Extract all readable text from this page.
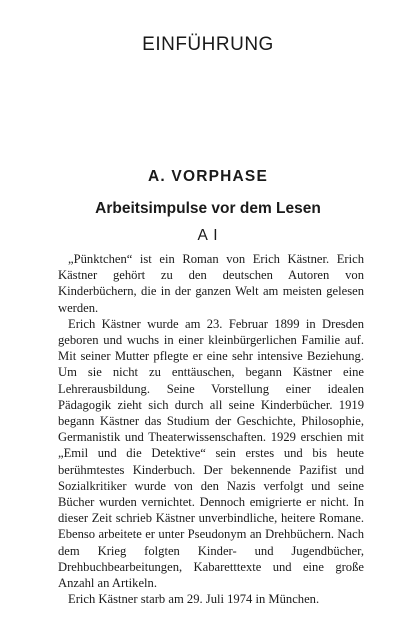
EINFÜHRUNG
A. VORPHASE
Arbeitsimpulse vor dem Lesen
A I

„Pünktchen“ ist ein Roman von Erich Kästner. Erich Kästner gehört zu den deutschen Autoren von Kinderbüchern, die in der ganzen Welt am meisten gelesen werden.

Erich Kästner wurde am 23. Februar 1899 in Dresden geboren und wuchs in einer kleinbürgerlichen Familie auf. Mit seiner Mutter pflegte er eine sehr intensive Beziehung. Um sie nicht zu enttäuschen, begann Kästner eine Lehrerausbildung. Seine Vorstellung einer idealen Pädagogik zieht sich durch all seine Kinderbücher. 1919 begann Kästner das Studium der Geschichte, Philosophie, Germanistik und Theaterwissenschaften. 1929 erschien mit „Emil und die Detektive“ sein erstes und bis heute berühmtestes Kinderbuch. Der bekennende Pazifist und Sozialkritiker wurde von den Nazis verfolgt und seine Bücher wurden vernichtet. Dennoch emigrierte er nicht. In dieser Zeit schrieb Kästner unverbindliche, heitere Romane. Ebenso arbeitete er unter Pseudonym an Drehbüchern. Nach dem Krieg folgten Kinder- und Jugendbücher, Drehbuchbearbeitungen, Kabaretttexte und eine große Anzahl an Artikeln.

Erich Kästner starb am 29. Juli 1974 in München.
